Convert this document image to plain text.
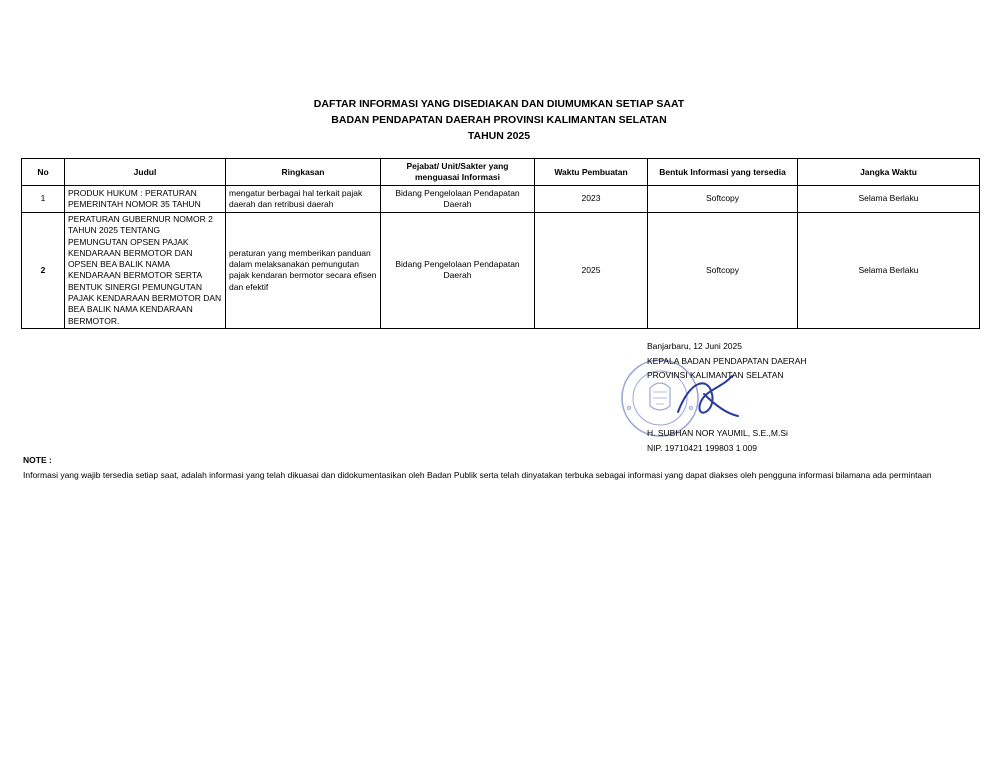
DAFTAR INFORMASI YANG DISEDIAKAN DAN DIUMUMKAN SETIAP SAAT
BADAN PENDAPATAN DAERAH PROVINSI KALIMANTAN SELATAN
TAHUN 2025
No	Judul	Ringkasan	Pejabat/ Unit/Sakter yang menguasai Informasi	Waktu Pembuatan	Bentuk Informasi yang tersedia	Jangka Waktu
1	PRODUK HUKUM : PERATURAN PEMERINTAH NOMOR 35 TAHUN	mengatur berbagai hal terkait pajak daerah dan retribusi daerah	Bidang Pengelolaan Pendapatan Daerah	2023	Softcopy	Selama Berlaku
2	PERATURAN GUBERNUR NOMOR 2 TAHUN 2025 TENTANG PEMUNGUTAN OPSEN PAJAK KENDARAAN BERMOTOR DAN OPSEN BEA BALIK NAMA KENDARAAN BERMOTOR SERTA BENTUK SINERGI PEMUNGUTAN PAJAK KENDARAAN BERMOTOR DAN BEA BALIK NAMA KENDARAAN BERMOTOR.	peraturan yang memberikan panduan dalam melaksanakan pemungutan pajak kendaran bermotor secara efisen dan efektif	Bidang Pengelolaan Pendapatan Daerah	2025	Softcopy	Selama Berlaku
Banjarbaru, 12 Juni 2025
KEPALA BADAN PENDAPATAN DAERAH
PROVINSI KALIMANTAN SELATAN
H. SUBHAN NOR YAUMIL, S.E.,M.Si
NIP. 19710421 199803 1 009
NOTE :
Informasi yang wajib tersedia setiap saat, adalah informasi yang telah dikuasai dan didokumentasikan oleh Badan Publik serta telah dinyatakan terbuka sebagai informasi yang dapat diakses oleh pengguna informasi bilamana ada permintaan
